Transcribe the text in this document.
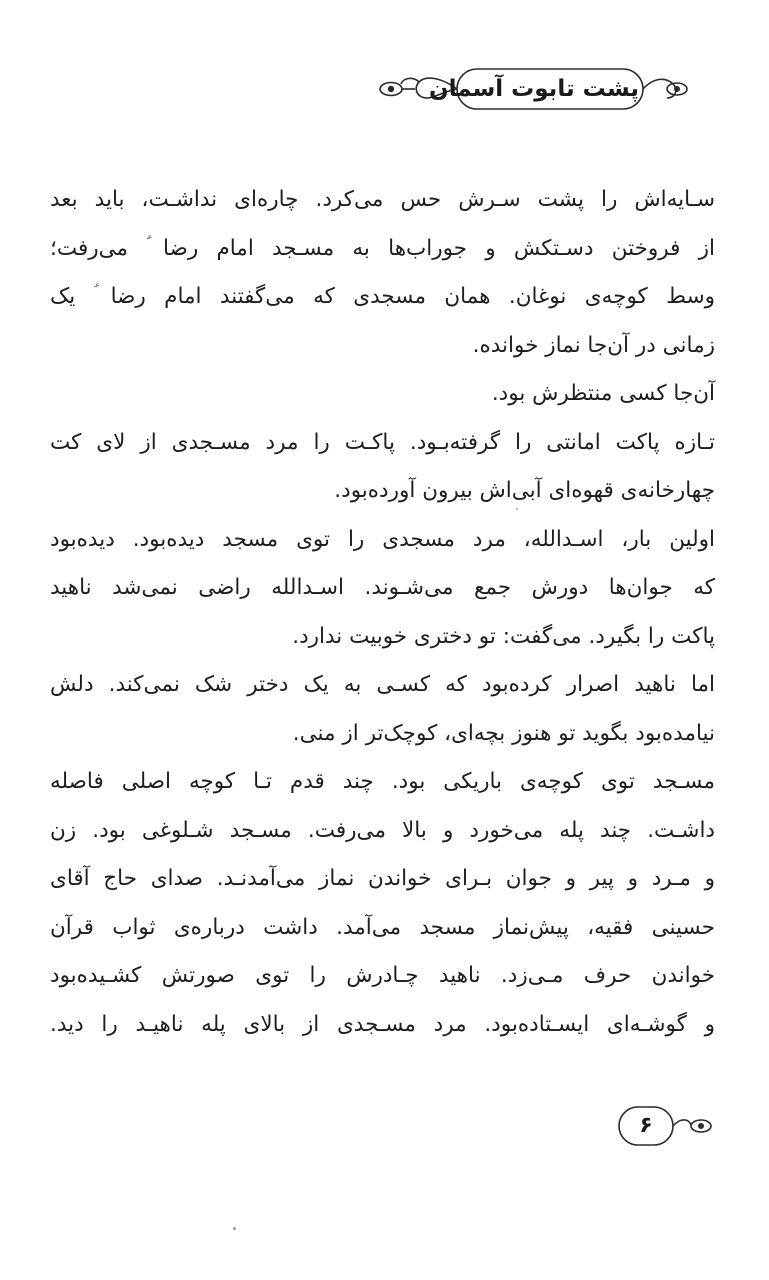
پشت تابوت آسمان
سـایه‌اش را پشت سـرش حس می‌کرد. چاره‌ای نداشـت، باید بعد
از فروختن دسـتکش و جوراب‌ها به مسـجد امام رضا ؑ می‌رفت؛
وسط کوچه‌ی نوغان. همان مسجدی که می‌گفتند امام رضا ؑ یک
زمانی در آن‌جا نماز خوانده.
آن‌جا کسی منتظرش بود.
تـازه پاکت امانتی را گرفته‌بـود. پاکـت را مرد مسـجدی از لای کت
چهارخانه‌ی قهوه‌ای آبی‌اش بیرون آورده‌بود.
اولین بار، اسـدالله، مرد مسجدی را توی مسجد دیده‌بود. دیده‌بود
که جوان‌ها دورش جمع می‌شـوند. اسـدالله راضی نمی‌شد ناهید
پاکت را بگیرد. می‌گفت: تو دختری خوبیت ندارد.
اما ناهید اصرار کرده‌بود که کسـی به یک دختر شک نمی‌کند. دلش
نیامده‌بود بگوید تو هنوز بچه‌ای، کوچک‌تر از منی.
مسـجد توی کوچه‌ی باریکی بود. چند قدم تـا کوچه اصلی فاصله
داشـت. چند پله می‌خورد و بالا می‌رفت. مسـجد شـلوغی بود. زن
و مـرد و پیر و جوان بـرای خواندن نماز می‌آمدنـد. صدای حاج آقای
حسینی فقیه، پیش‌نماز مسجد می‌آمد. داشت درباره‌ی ثواب قرآن
خواندن حرف مـی‌زد. ناهید چـادرش را توی صورتش کشـیده‌بود
و گوشـه‌ای ایسـتاده‌بود. مرد مسـجدی از بالای پله ناهیـد را دید.
۶
